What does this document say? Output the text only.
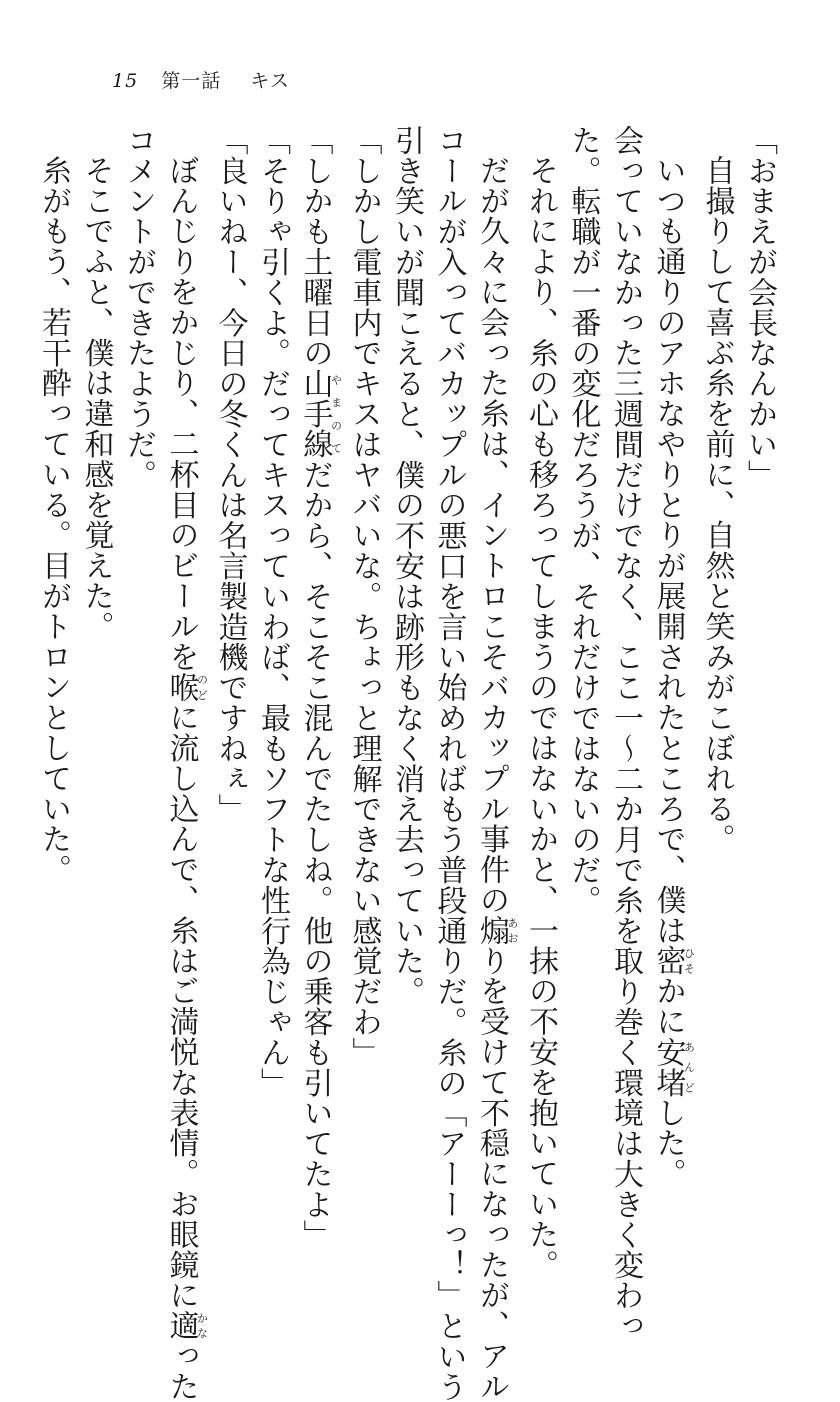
15 第一話 キス

「おまえが会長なんかい」

自撮りして喜ぶ糸を前に、自然と笑みがこぼれる。

いつも通りのアホなやりとりが展開されたところで、僕は密ひそかに安堵あんどした。

会っていなかった三週間だけでなく、ここ一～二か月で糸を取り巻く環境は大きく変わっ

た。転職が一番の変化だろうが、それだけではないのだ。

それにより、糸の心も移ろってしまうのではないかと、一抹の不安を抱いていた。

だが久々に会った糸は、イントロこそバカップル事件の煽あおりを受けて不穏になったが、アル

コールが入ってバカップルの悪口を言い始めればもう普段通りだ。糸の「アーーっ！」という

引き笑いが聞こえると、僕の不安は跡形もなく消え去っていた。

「しかし電車内でキスはヤバいな。ちょっと理解できない感覚だわ」

「しかも土曜日の山手線やまのてだから、そこそこ混んでたしね。他の乗客も引いてたよ」

「そりゃ引くよ。だってキスっていわば、最もソフトな性行為じゃん」

「良いねー、今日の冬くんは名言製造機ですねぇ」

ぼんじりをかじり、二杯目のビールを喉のどに流し込んで、糸はご満悦な表情。お眼鏡に適かなった

コメントができたようだ。

そこでふと、僕は違和感を覚えた。

糸がもう、若干酔っている。目がトロンとしていた。
